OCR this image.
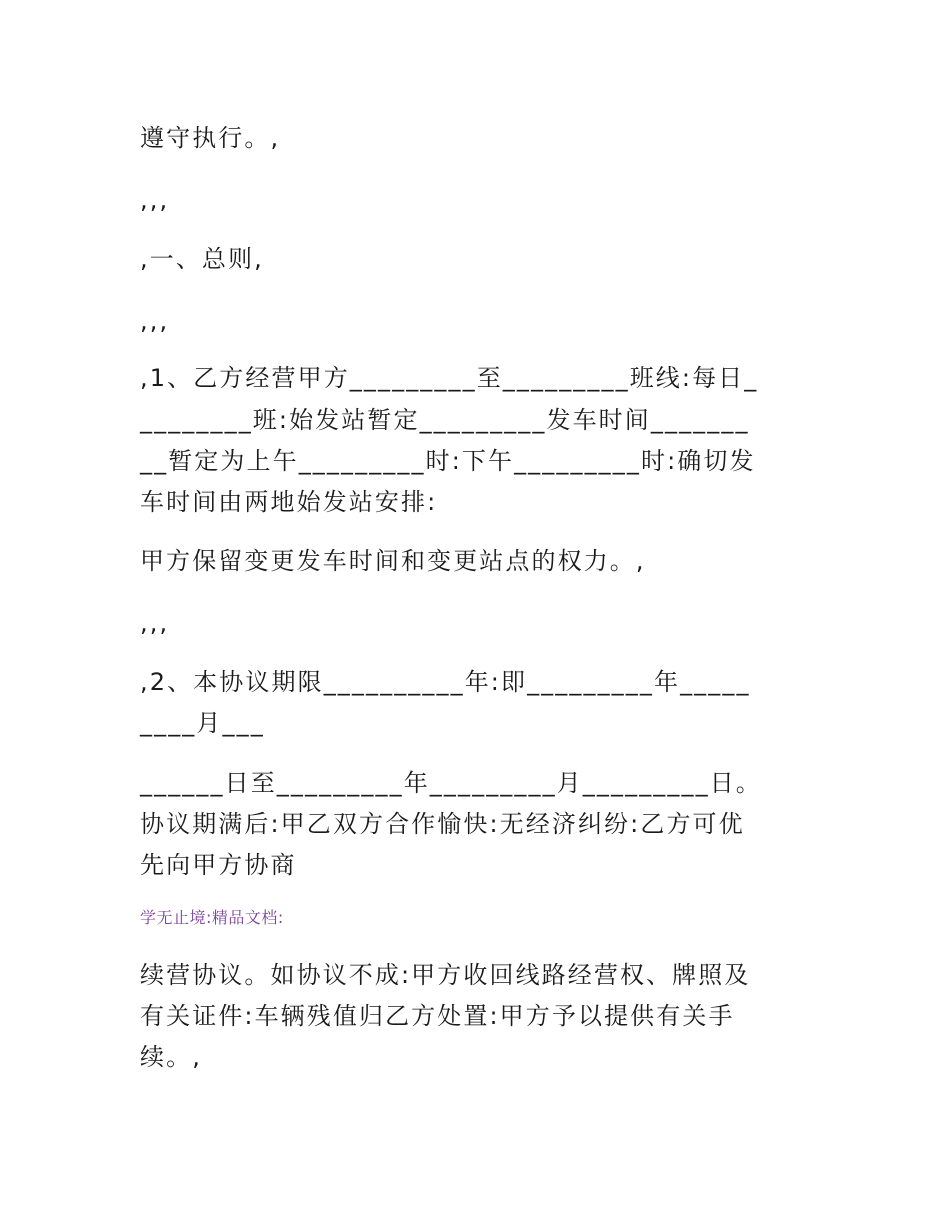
遵守执行。,
,,,
,一、总则,
,,,
,1、乙方经营甲方_________至_________班线:每日_
________班:始发站暂定_________发车时间_______
__暂定为上午_________时:下午_________时:确切发
车时间由两地始发站安排:
甲方保留变更发车时间和变更站点的权力。,
,,,
,2、本协议期限__________年:即_________年_____
____月___
______日至_________年_________月_________日。
协议期满后:甲乙双方合作愉快:无经济纠纷:乙方可优
先向甲方协商
学无止境:精品文档:
续营协议。如协议不成:甲方收回线路经营权、牌照及
有关证件:车辆残值归乙方处置:甲方予以提供有关手
续。,
